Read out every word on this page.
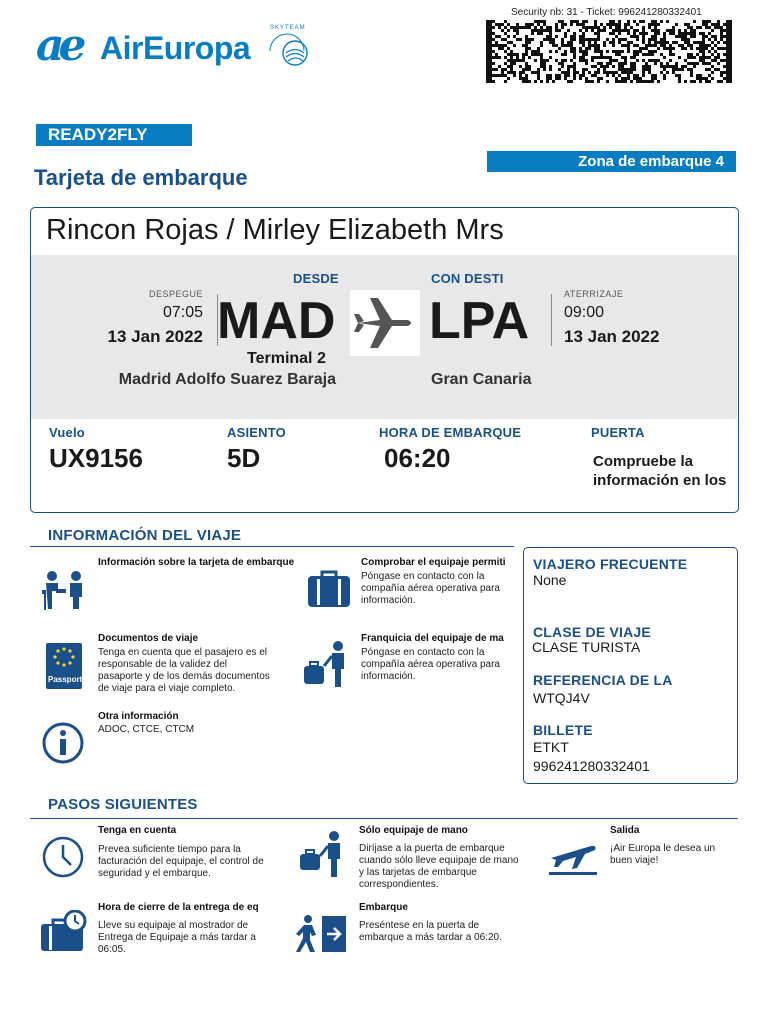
ae AirEuropa
SKYTEAM
Security nb: 31 - Ticket: 996241280332401
READY2FLY
Zona de embarque 4
Tarjeta de embarque
Rincon Rojas / Mirley Elizabeth Mrs
DESDE	CON DESTI
DESPEGUE
07:05
13 Jan 2022 MAD LPA	ATERRIZAJE
09:00
13 Jan 2022
Terminal 2
Madrid Adolfo Suarez Baraja	Gran Canaria
Vuelo
UX9156
ASIENTO
5D
HORA DE EMBARQUE
06:20
PUERTA
Compruebe la información en los
INFORMACIÓN DEL VIAJE
Información sobre la tarjeta de embarque	Comprobar el equipaje permiti
Póngase en contacto con la compañía aérea operativa para información.
Passport
Documentos de viaje
Tenga en cuenta que el pasajero es el responsable de la validez del pasaporte y de los demás documentos de viaje para el viaje completo.
Franquicia del equipaje de ma
Póngase en contacto con la compañía aérea operativa para información.
Otra información
ADOC, CTCE, CTCM
VIAJERO FRECUENTE
None
CLASE DE VIAJE
CLASE TURISTA
REFERENCIA DE LA
WTQJ4V
BILLETE
ETKT
996241280332401
PASOS SIGUIENTES
Tenga en cuenta
Prevea suficiente tiempo para la facturación del equipaje, el control de seguridad y el embarque.
Sólo equipaje de mano
Diríjase a la puerta de embarque cuando sólo lleve equipaje de mano y las tarjetas de embarque correspondientes.
Salida
¡Air Europa le desea un buen viaje!
Hora de cierre de la entrega de eq
Lleve su equipaje al mostrador de Entrega de Equipaje a más tardar a 06:05.
Embarque
Preséntese en la puerta de embarque a más tardar a 06:20.
